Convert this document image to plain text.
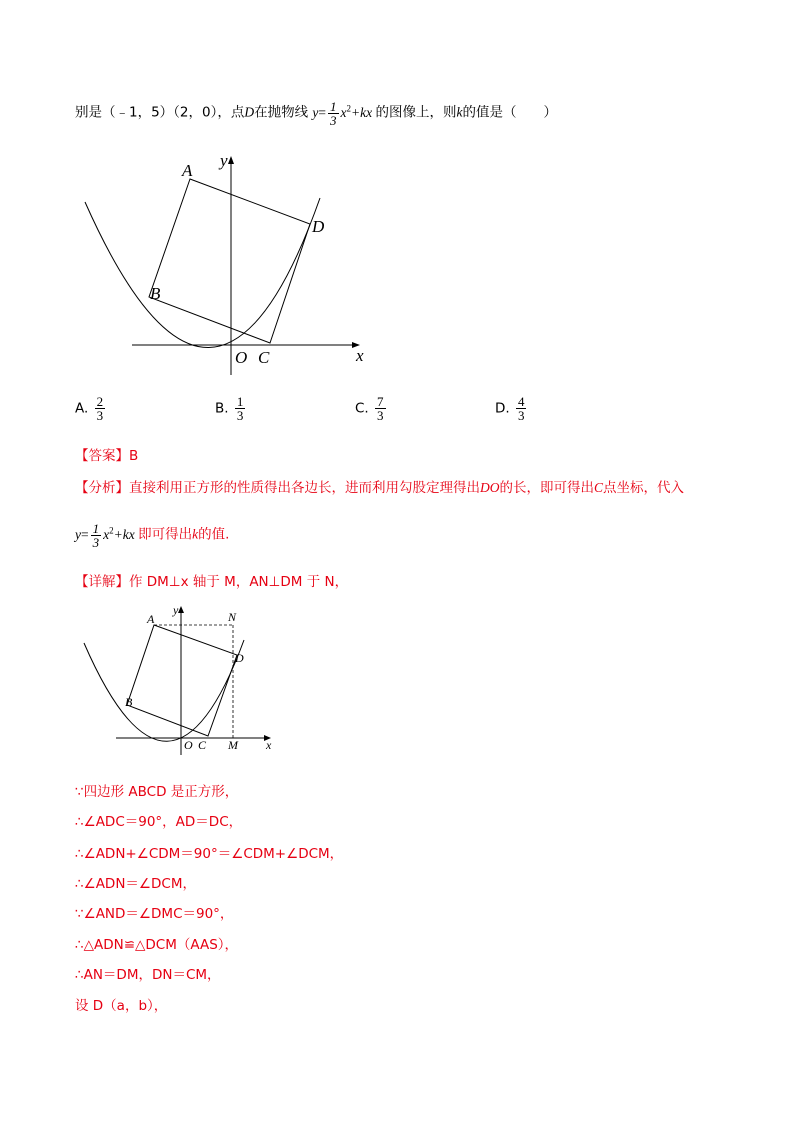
别是（﹣1，5）（2，0），点D在抛物线 $y= \frac{1}{3} x^2+kx$ 的图像上，则k的值是（　　）
A
B
D
O C	x
y
A. $\frac{2}{3}$	B. $\frac{1}{3}$	C. $\frac{7}{3}$	D. $\frac{4}{3}$
【答案】B
【分析】直接利用正方形的性质得出各边长，进而利用勾股定理得出DO的长，即可得出C点坐标，代入
$y= \frac{1}{3} x^2+kx$ 即可得出k的值.
【详解】作 DM⊥x 轴于 M，AN⊥DM 于 N，
A
B
D
N
O C M x
y
∵四边形 ABCD 是正方形，
∴∠ADC＝90°，AD＝DC，
∴∠ADN+∠CDM＝90°＝∠CDM+∠DCM，
∴∠ADN＝∠DCM，
∵∠AND＝∠DMC＝90°，
∴△ADN≌△DCM（AAS），
∴AN＝DM，DN＝CM，
设 D（a，b），
